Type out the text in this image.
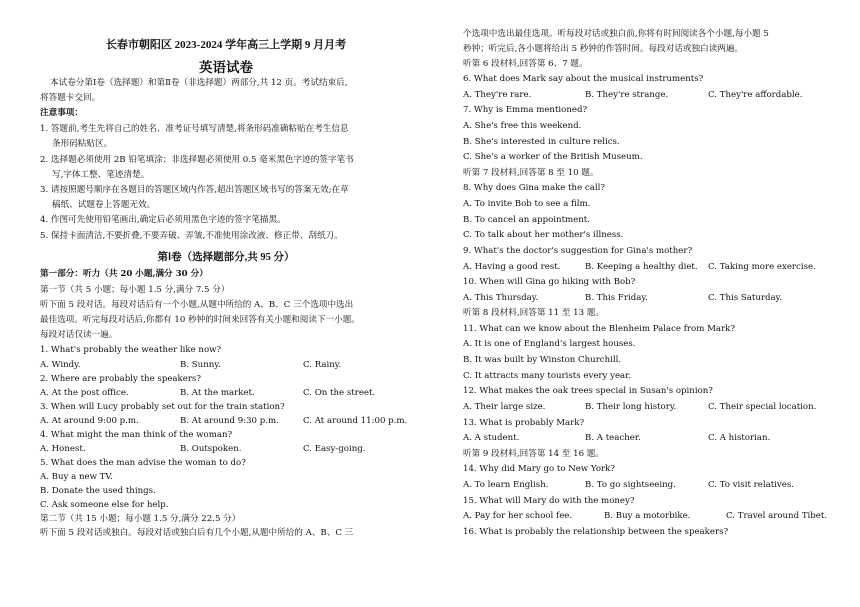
长春市朝阳区 2023-2024 学年高三上学期 9 月月考
英语试卷
本试卷分第Ⅰ卷（选择题）和第Ⅱ卷（非选择题）两部分,共 12 页。考试结束后,
将答题卡交回。
注意事项：
1. 答题前,考生先将自己的姓名、准考证号填写清楚,将条形码准确粘贴在考生信息
条形码粘贴区。
2. 选择题必须使用 2B 铅笔填涂；非选择题必须使用 0.5 毫米黑色字迹的签字笔书
写,字体工整、笔迹清楚。
3. 请按照题号顺序在各题目的答题区域内作答,超出答题区域书写的答案无效;在草
稿纸、试题卷上答题无效。
4. 作图可先使用铅笔画出,确定后必须用黑色字迹的签字笔描黑。
5. 保持卡面清洁,不要折叠,不要弄破、弄皱,不准使用涂改液、修正带、刮纸刀。
第Ⅰ卷（选择题部分,共 95 分）
第一部分：听力（共 20 小题,满分 30 分）
第一节（共 5 小题；每小题 1.5 分,满分 7.5 分）
听下面 5 段对话。每段对话后有一个小题,从题中所给的 A、B、C 三个选项中选出
最佳选项。听完每段对话后,你都有 10 秒钟的时间来回答有关小题和阅读下一小题。
每段对话仅读一遍。
1. What's probably the weather like now?
A. Windy.	B. Sunny.	C. Rainy.
2. Where are probably the speakers?
A. At the post office.	B. At the market.	C. On the street.
3. When will Lucy probably set out for the train station?
A. At around 9:00 p.m.	B. At around 9:30 p.m.	C. At around 11:00 p.m.
4. What might the man think of the woman?
A. Honest.	B. Outspoken.	C. Easy-going.
5. What does the man advise the woman to do?
A. Buy a new TV.
B. Donate the used things.
C. Ask someone else for help.
第二节（共 15 小题；每小题 1.5 分,满分 22.5 分）
听下面 5 段对话或独白。每段对话或独白后有几个小题,从题中所给的 A、B、C 三
个选项中选出最佳选项。听每段对话或独白前,你将有时间阅读各个小题,每小题 5
秒钟；听完后,各小题将给出 5 秒钟的作答时间。每段对话或独白读两遍。
听第 6 段材料,回答第 6、7 题。
6. What does Mark say about the musical instruments?
A. They're rare.	B. They're strange.	C. They're affordable.
7. Why is Emma mentioned?
A. She's free this weekend.
B. She's interested in culture relics.
C. She's a worker of the British Museum.
听第 7 段材料,回答第 8 至 10 题。
8. Why does Gina make the call?
A. To invite Bob to see a film.
B. To cancel an appointment.
C. To talk about her mother's illness.
9. What's the doctor's suggestion for Gina's mother?
A. Having a good rest.	B. Keeping a healthy diet. C. Taking more exercise.
10. When will Gina go hiking with Bob?
A. This Thursday.	B. This Friday.	C. This Saturday.
听第 8 段材料,回答第 11 至 13 题。
11. What can we know about the Blenheim Palace from Mark?
A. It is one of England's largest houses.
B. It was built by Winston Churchill.
C. It attracts many tourists every year.
12. What makes the oak trees special in Susan's opinion?
A. Their large size.	B. Their long history.	C. Their special location.
13. What is probably Mark?
A. A student.	B. A teacher.	C. A historian.
听第 9 段材料,回答第 14 至 16 题。
14. Why did Mary go to New York?
A. To learn English.	B. To go sightseeing.	C. To visit relatives.
15. What will Mary do with the money?
A. Pay for her school fee.	B. Buy a motorbike.	C. Travel around Tibet.
16. What is probably the relationship between the speakers?
